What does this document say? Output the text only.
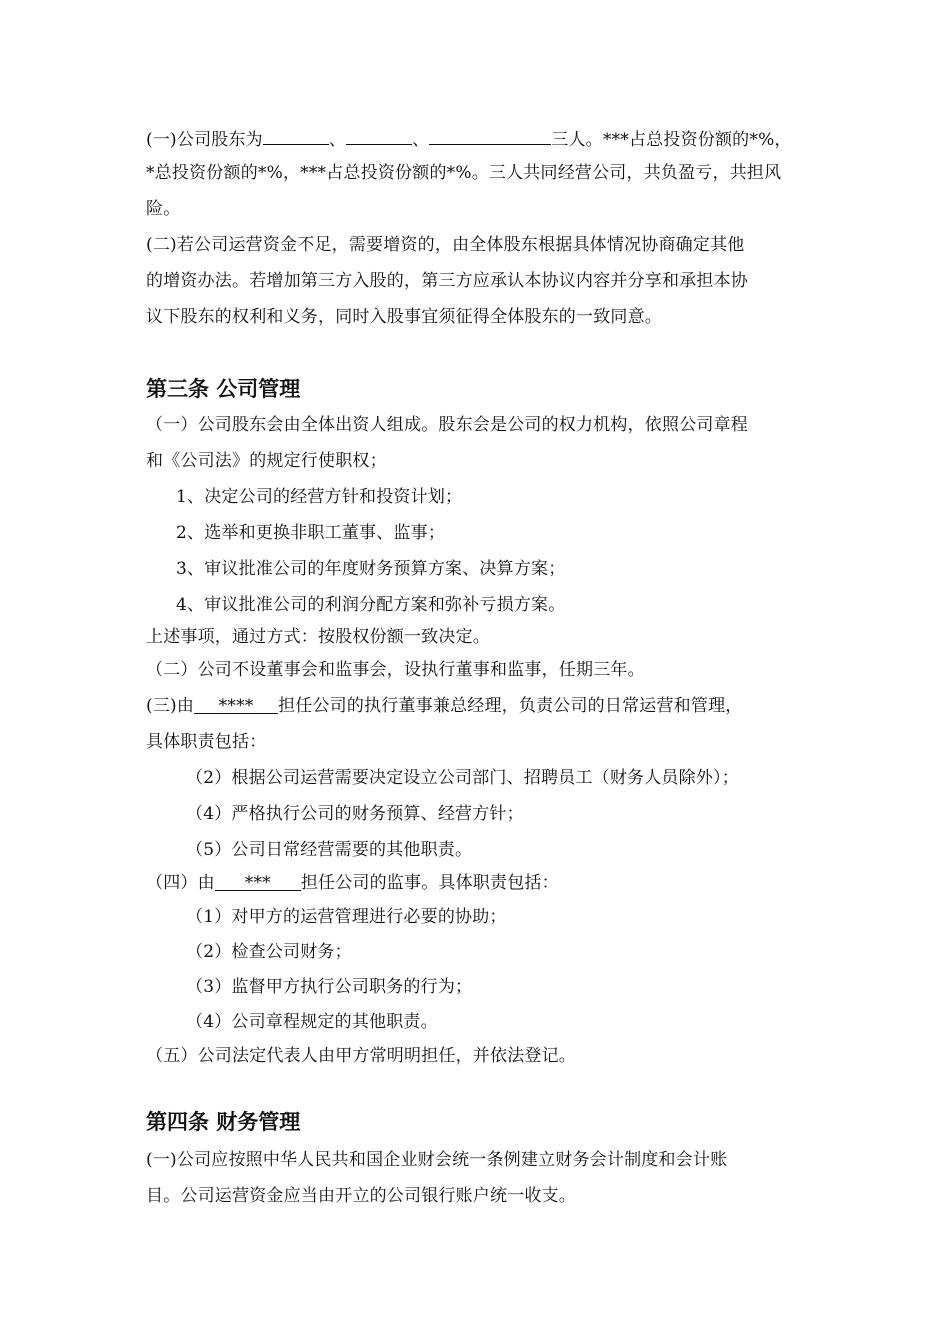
(一)公司股东为	、	、	三人。***占总投资份额的*%，
*总投资份额的*%，***占总投资份额的*%。三人共同经营公司，共负盈亏，共担风
险。
(二)若公司运营资金不足，需要增资的，由全体股东根据具体情况协商确定其他
的增资办法。若增加第三方入股的，第三方应承认本协议内容并分享和承担本协
议下股东的权利和义务，同时入股事宜须征得全体股东的一致同意。
第三条 公司管理
（一）公司股东会由全体出资人组成。股东会是公司的权力机构，依照公司章程
和《公司法》的规定行使职权；
1、决定公司的经营方针和投资计划；
2、选举和更换非职工董事、监事；
3、审议批准公司的年度财务预算方案、决算方案；
4、审议批准公司的利润分配方案和弥补亏损方案。
上述事项，通过方式：按股权份额一致决定。
（二）公司不设董事会和监事会，设执行董事和监事，任期三年。
(三)由 **** 担任公司的执行董事兼总经理，负责公司的日常运营和管理，
具体职责包括：
（2）根据公司运营需要决定设立公司部门、招聘员工（财务人员除外）；
（4）严格执行公司的财务预算、经营方针；
（5）公司日常经营需要的其他职责。
（四）由 *** 担任公司的监事。具体职责包括：
（1）对甲方的运营管理进行必要的协助；
（2）检查公司财务；
（3）监督甲方执行公司职务的行为；
（4）公司章程规定的其他职责。
（五）公司法定代表人由甲方常明明担任，并依法登记。
第四条 财务管理
(一)公司应按照中华人民共和国企业财会统一条例建立财务会计制度和会计账
目。公司运营资金应当由开立的公司银行账户统一收支。
